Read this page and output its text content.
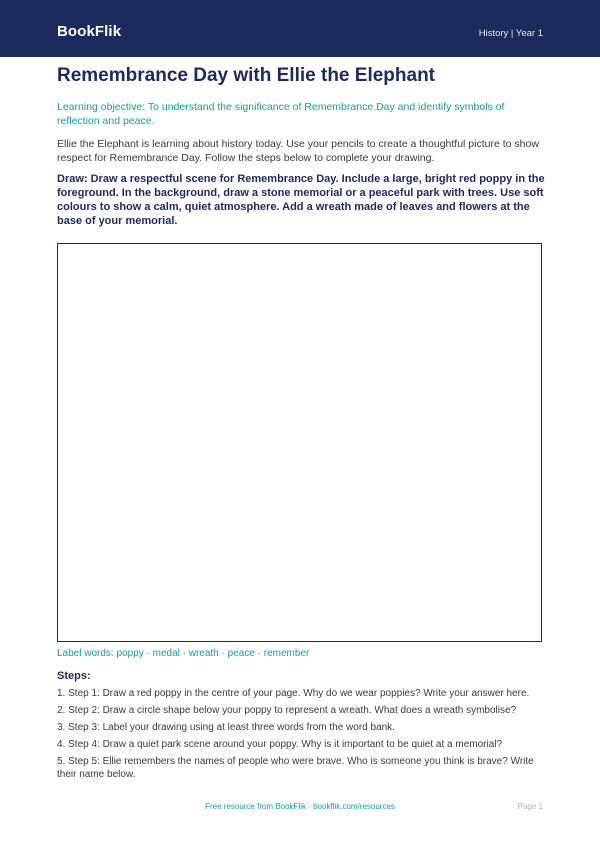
BookFlik	History | Year 1
Remembrance Day with Ellie the Elephant
Learning objective: To understand the significance of Remembrance Day and identify symbols of reflection and peace.
Ellie the Elephant is learning about history today. Use your pencils to create a thoughtful picture to show respect for Remembrance Day. Follow the steps below to complete your drawing.
Draw: Draw a respectful scene for Remembrance Day. Include a large, bright red poppy in the foreground. In the background, draw a stone memorial or a peaceful park with trees. Use soft colours to show a calm, quiet atmosphere. Add a wreath made of leaves and flowers at the base of your memorial.
Label words: poppy · medal · wreath · peace · remember
Steps:
1. Step 1: Draw a red poppy in the centre of your page. Why do we wear poppies? Write your answer here.
2. Step 2: Draw a circle shape below your poppy to represent a wreath. What does a wreath symbolise?
3. Step 3: Label your drawing using at least three words from the word bank.
4. Step 4: Draw a quiet park scene around your poppy. Why is it important to be quiet at a memorial?
5. Step 5: Ellie remembers the names of people who were brave. Who is someone you think is brave? Write their name below.
Free resource from BookFlik · bookflik.com/resources	Page 1
